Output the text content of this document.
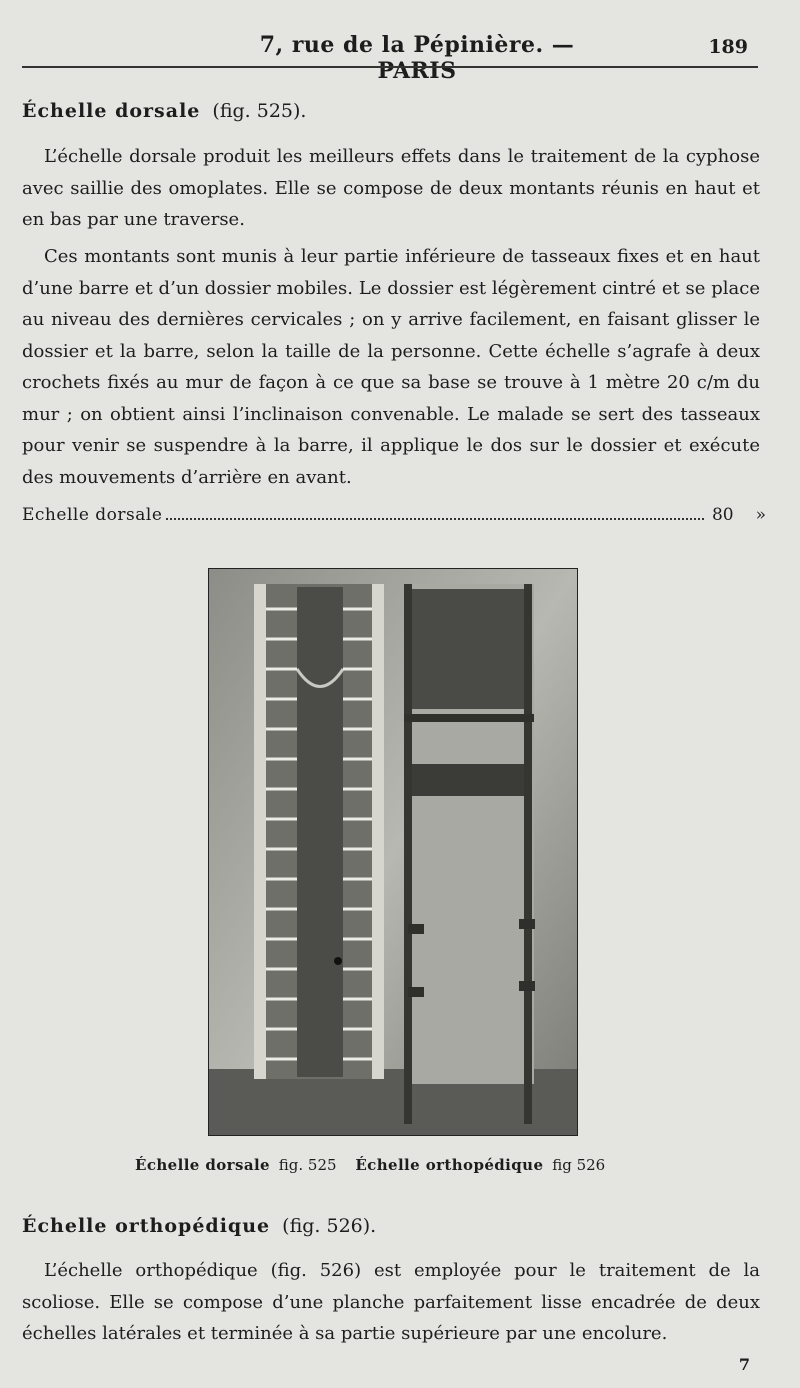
7, rue de la Pépinière. — PARIS
189
Échelle dorsale (fig. 525).

L’échelle dorsale produit les meilleurs effets dans le traitement de la cyphose avec saillie des omoplates. Elle se compose de deux montants réunis en haut et en bas par une traverse.

Ces montants sont munis à leur partie inférieure de tasseaux fixes et en haut d’une barre et d’un dossier mobiles. Le dossier est légèrement cintré et se place au niveau des dernières cervicales ; on y arrive facilement, en faisant glisser le dossier et la barre, selon la taille de la personne. Cette échelle s’agrafe à deux crochets fixés au mur de façon à ce que sa base se trouve à 1 mètre 20 c/m du mur ; on obtient ainsi l’inclinaison convenable. Le malade se sert des tasseaux pour venir se suspendre à la barre, il applique le dos sur le dossier et exécute des mouvements d’arrière en avant.

Echelle dorsale	80 »
Échelle dorsale fig. 525 Échelle orthopédique fig 526
Échelle orthopédique (fig. 526).

L’échelle orthopédique (fig. 526) est employée pour le traitement de la scoliose. Elle se compose d’une planche parfaitement lisse encadrée de deux échelles latérales et terminée à sa partie supérieure par une encolure.

7
